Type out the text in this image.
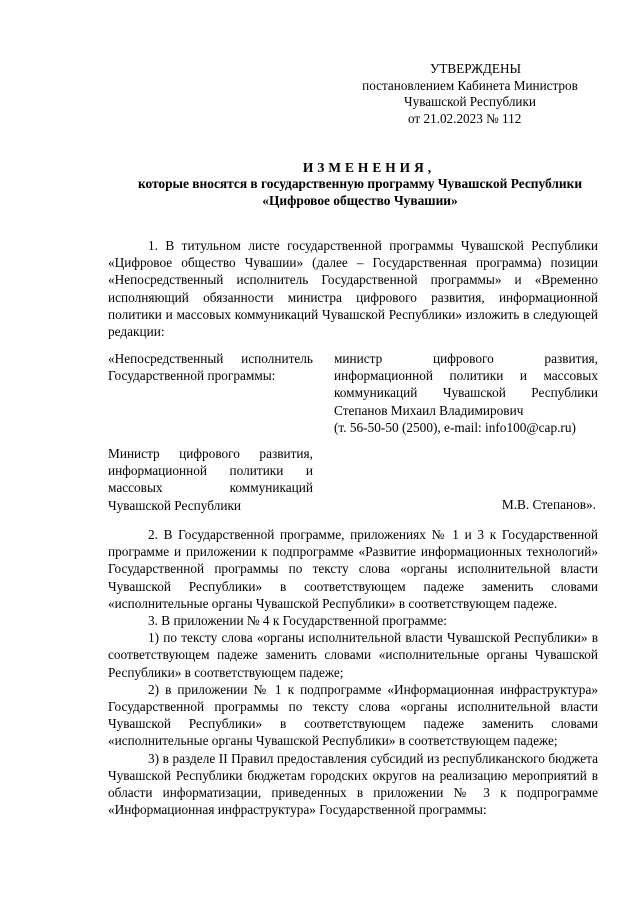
УТВЕРЖДЕНЫ
постановлением Кабинета Министров
Чувашской Республики
от 21.02.2023 № 112
ИЗМЕНЕНИЯ,
которые вносятся в государственную программу Чувашской Республики
«Цифровое общество Чувашии»

1. В титульном листе государственной программы Чувашской Республики «Цифровое общество Чувашии» (далее – Государственная программа) позиции «Непосредственный исполнитель Государственной программы» и «Временно исполняющий обязанности министра цифрового развития, информационной политики и массовых коммуникаций Чувашской Республики» изложить в следующей редакции:

«Непосредственный исполнитель Государственной программы:
министр цифрового развития, информационной политики и массовых коммуникаций Чувашской Республики Степанов Михаил Владимирович
(т. 56-50-50 (2500), e-mail: info100@cap.ru)
Министр цифрового развития, информационной политики и массовых коммуникаций Чувашской Республики	М.В. Степанов».

2. В Государственной программе, приложениях № 1 и 3 к Государственной программе и приложении к подпрограмме «Развитие информационных технологий» Государственной программы по тексту слова «органы исполнительной власти Чувашской Республики» в соответствующем падеже заменить словами «исполнительные органы Чувашской Республики» в соответствующем падеже.

3. В приложении № 4 к Государственной программе:

1) по тексту слова «органы исполнительной власти Чувашской Республики» в соответствующем падеже заменить словами «исполнительные органы Чувашской Республики» в соответствующем падеже;

2) в приложении № 1 к подпрограмме «Информационная инфраструктура» Государственной программы по тексту слова «органы исполнительной власти Чувашской Республики» в соответствующем падеже заменить словами «исполнительные органы Чувашской Республики» в соответствующем падеже;

3) в разделе II Правил предоставления субсидий из республиканского бюджета Чувашской Республики бюджетам городских округов на реализацию мероприятий в области информатизации, приведенных в приложении № 3 к подпрограмме «Информационная инфраструктура» Государственной программы:
